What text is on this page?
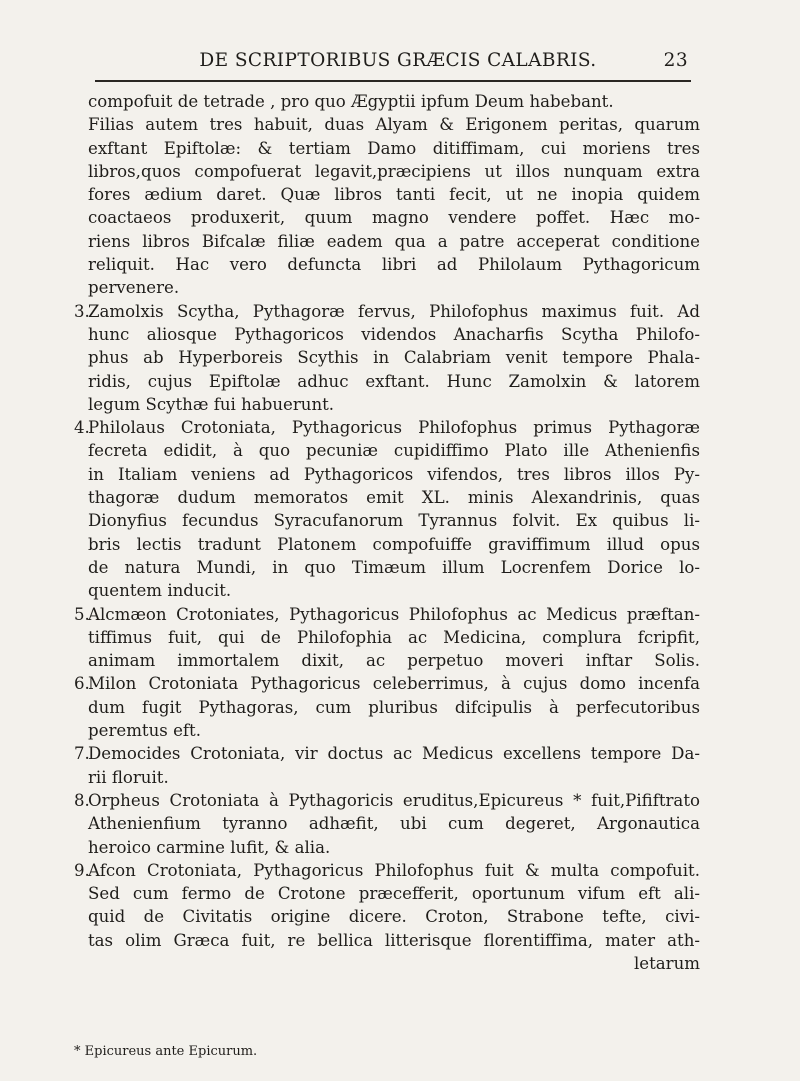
DE SCRIPTORIBUS GRÆCIS CALABRIS.	23
compofuit de tetrade , pro quo Ægyptii ipfum Deum habebant.
Filias autem tres habuit, duas Alyam & Erigonem peritas, quarum
exftant Epiftolæ: & tertiam Damo ditiffimam, cui moriens tres
libros,quos compofuerat legavit,præcipiens ut illos nunquam extra
fores ædium daret. Quæ libros tanti fecit, ut ne inopia quidem
coactaeos produxerit, quum magno vendere poffet. Hæc mo-
riens libros Bifcalæ filiæ eadem qua a patre acceperat conditione
reliquit. Hac vero defuncta libri ad Philolaum Pythagoricum
pervenere.
3.Zamolxis Scytha, Pythagoræ fervus, Philofophus maximus fuit. Ad
hunc aliosque Pythagoricos videndos Anacharfis Scytha Philofo-
phus ab Hyperboreis Scythis in Calabriam venit tempore Phala-
ridis, cujus Epiftolæ adhuc exftant. Hunc Zamolxin & latorem
legum Scythæ fui habuerunt.
4.Philolaus Crotoniata, Pythagoricus Philofophus primus Pythagoræ
fecreta edidit, à quo pecuniæ cupidiffimo Plato ille Athenienfis
in Italiam veniens ad Pythagoricos vifendos, tres libros illos Py-
thagoræ dudum memoratos emit XL. minis Alexandrinis, quas
Dionyfius fecundus Syracufanorum Tyrannus folvit. Ex quibus li-
bris lectis tradunt Platonem compofuiffe graviffimum illud opus
de natura Mundi, in quo Timæum illum Locrenfem Dorice lo-
quentem inducit.
5.Alcmæon Crotoniates, Pythagoricus Philofophus ac Medicus præftan-
tiffimus fuit, qui de Philofophia ac Medicina, complura fcripfit,
animam immortalem dixit, ac perpetuo moveri inftar Solis.
6.Milon Crotoniata Pythagoricus celeberrimus, à cujus domo incenfa
dum fugit Pythagoras, cum pluribus difcipulis à perfecutoribus
peremtus eft.
7.Democides Crotoniata, vir doctus ac Medicus excellens tempore Da-
rii floruit.
8.Orpheus Crotoniata à Pythagoricis eruditus,Epicureus * fuit,Pififtrato
Athenienfium tyranno adhæfit, ubi cum degeret, Argonautica
heroico carmine lufit, & alia.
9.Afcon Crotoniata, Pythagoricus Philofophus fuit & multa compofuit.
Sed cum fermo de Crotone præcefferit, oportunum vifum eft ali-
quid de Civitatis origine dicere. Croton, Strabone tefte, civi-
tas olim Græca fuit, re bellica litterisque florentiffima, mater ath-
letarum
* Epicureus ante Epicurum.
